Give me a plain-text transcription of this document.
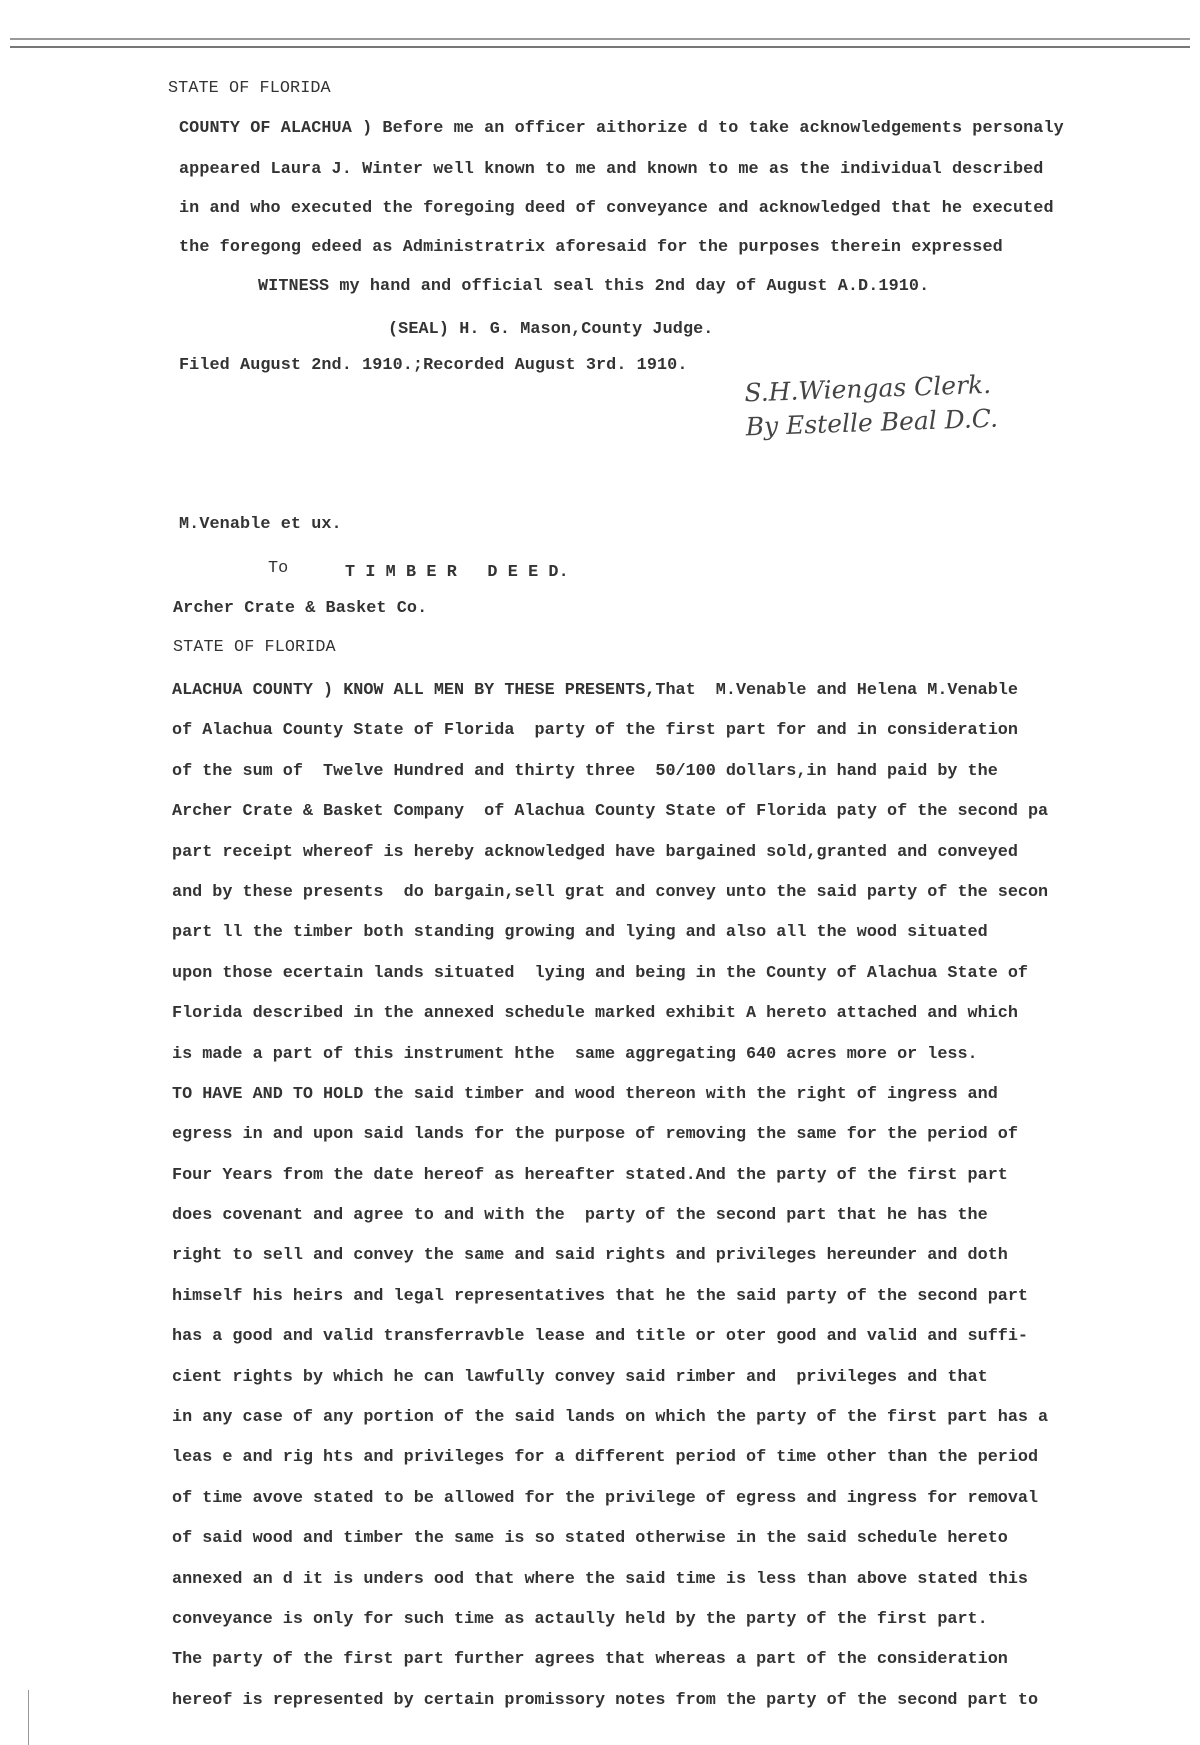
STATE OF FLORIDA
COUNTY OF ALACHUA ) Before me an officer aithorize d to take acknowledgements personaly
appeared Laura J. Winter well known to me and known to me as the individual described
in and who executed the foregoing deed of conveyance and acknowledged that he executed
the foregong edeed as Administratrix aforesaid for the purposes therein expressed
WITNESS my hand and official seal this 2nd day of August A.D.1910.
(SEAL) H. G. Mason,County Judge.
Filed August 2nd. 1910.;Recorded August 3rd. 1910.
S.H.Wiengas Clerk.
By Estelle Beal D.C.
M.Venable et ux.
To	T I M B E R   D E E D.
Archer Crate & Basket Co.
STATE OF FLORIDA
ALACHUA COUNTY ) KNOW ALL MEN BY THESE PRESENTS,That  M.Venable and Helena M.Venable
of Alachua County State of Florida  party of the first part for and in consideration
of the sum of  Twelve Hundred and thirty three  50/100 dollars,in hand paid by the
Archer Crate & Basket Company  of Alachua County State of Florida paty of the second pa
part receipt whereof is hereby acknowledged have bargained sold,granted and conveyed
and by these presents  do bargain,sell grat and convey unto the said party of the secon
part ll the timber both standing growing and lying and also all the wood situated
upon those ecertain lands situated  lying and being in the County of Alachua State of
Florida described in the annexed schedule marked exhibit A hereto attached and which
is made a part of this instrument hthe  same aggregating 640 acres more or less.
TO HAVE AND TO HOLD the said timber and wood thereon with the right of ingress and
egress in and upon said lands for the purpose of removing the same for the period of
Four Years from the date hereof as hereafter stated.And the party of the first part
does covenant and agree to and with the  party of the second part that he has the
right to sell and convey the same and said rights and privileges hereunder and doth
himself his heirs and legal representatives that he the said party of the second part
has a good and valid transferravble lease and title or oter good and valid and suffi-
cient rights by which he can lawfully convey said rimber and  privileges and that
in any case of any portion of the said lands on which the party of the first part has a
leas e and rig hts and privileges for a different period of time other than the period
of time avove stated to be allowed for the privilege of egress and ingress for removal
of said wood and timber the same is so stated otherwise in the said schedule hereto
annexed an d it is unders ood that where the said time is less than above stated this
conveyance is only for such time as actaully held by the party of the first part.
The party of the first part further agrees that whereas a part of the consideration
hereof is represented by certain promissory notes from the party of the second part to
